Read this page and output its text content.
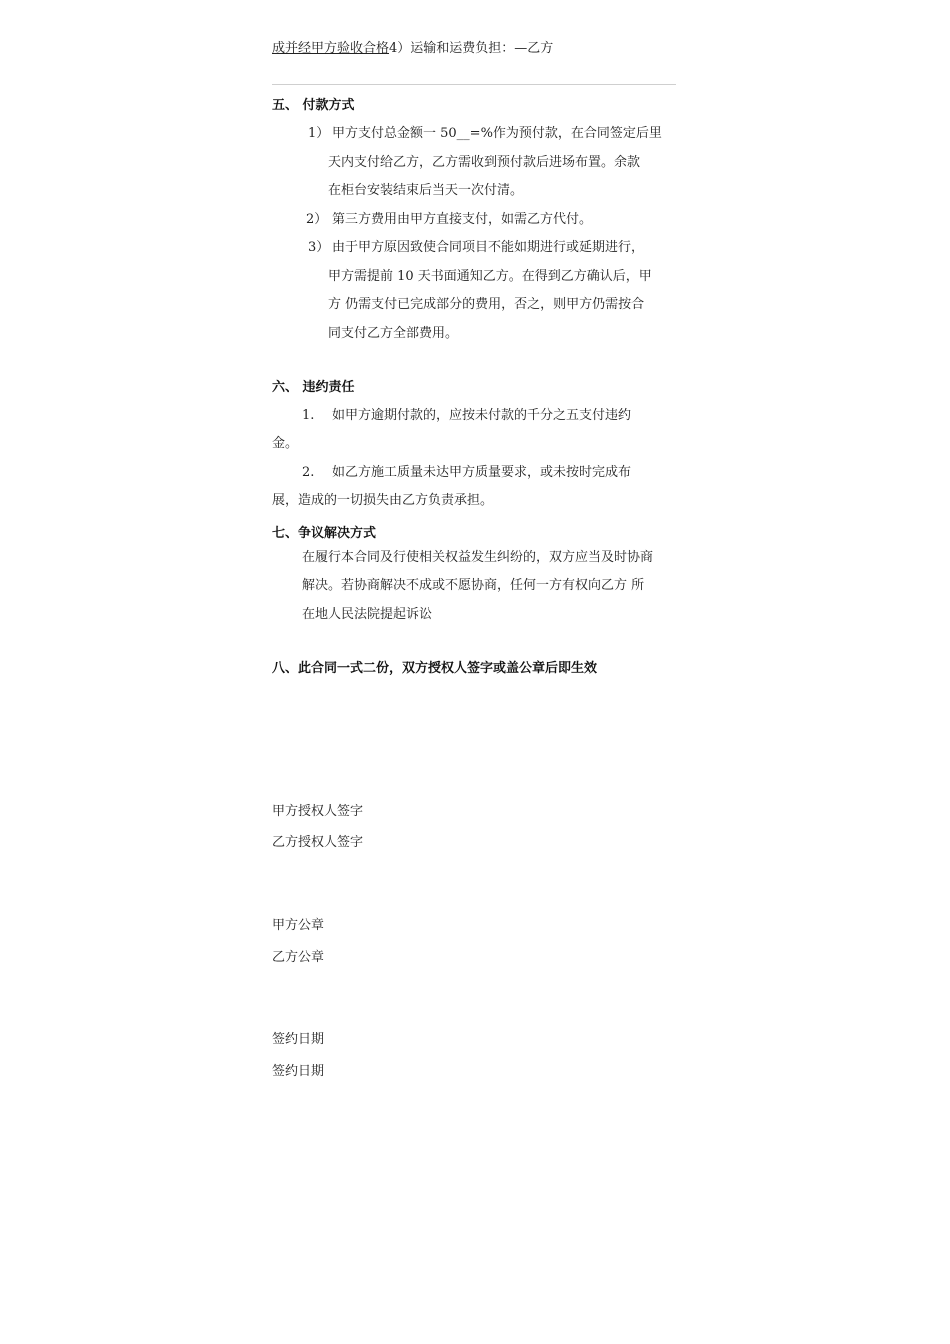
成并经甲方验收合格4）运输和运费负担：—乙方
五、 付款方式
1） 甲方支付总金额一 50__=%作为预付款，在合同签定后里
天内支付给乙方，乙方需收到预付款后进场布置。余款
在柜台安装结束后当天一次付清。
2） 第三方费用由甲方直接支付，如需乙方代付。
3） 由于甲方原因致使合同项目不能如期进行或延期进行，
甲方需提前 10 天书面通知乙方。在得到乙方确认后，甲
方 仍需支付已完成部分的费用，否之，则甲方仍需按合
同支付乙方全部费用。
六、 违约责任
1. 如甲方逾期付款的，应按未付款的千分之五支付违约
金。
2. 如乙方施工质量未达甲方质量要求，或未按时完成布
展，造成的一切损失由乙方负责承担。
七、争议解决方式
在履行本合同及行使相关权益发生纠纷的，双方应当及时协商
解决。若协商解决不成或不愿协商，任何一方有权向乙方 所
在地人民法院提起诉讼
八、此合同一式二份，双方授权人签字或盖公章后即生效
甲方授权人签字
乙方授权人签字
甲方公章
乙方公章
签约日期
签约日期
